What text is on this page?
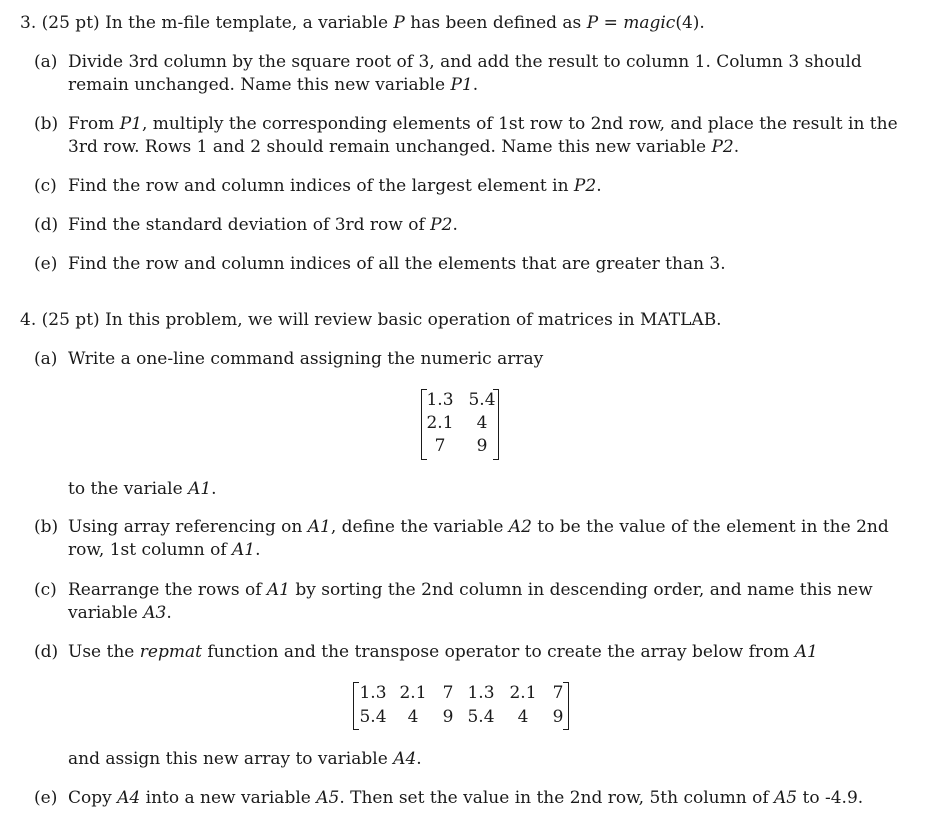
3. (25 pt) In the m-file template, a variable P has been defined as P = magic(4).
(a) Divide 3rd column by the square root of 3, and add the result to column 1. Column 3 should
remain unchanged. Name this new variable P1.
(b) From P1, multiply the corresponding elements of 1st row to 2nd row, and place the result in the
3rd row. Rows 1 and 2 should remain unchanged. Name this new variable P2.
(c) Find the row and column indices of the largest element in P2.
(d) Find the standard deviation of 3rd row of P2.
(e) Find the row and column indices of all the elements that are greater than 3.
4. (25 pt) In this problem, we will review basic operation of matrices in MATLAB.
(a) Write a one-line command assigning the numeric array
1.3 5.4
2.1	4
7	9
to the variale A1.
(b) Using array referencing on A1, define the variable A2 to be the value of the element in the 2nd
row, 1st column of A1.
(c) Rearrange the rows of A1 by sorting the 2nd column in descending order, and name this new
variable A3.
(d) Use the repmat function and the transpose operator to create the array below from A1
1.3 2.1 7 1.3 2.1 7
5.4	4	9 5.4	4	9
and assign this new array to variable A4.
(e) Copy A4 into a new variable A5. Then set the value in the 2nd row, 5th column of A5 to -4.9.
